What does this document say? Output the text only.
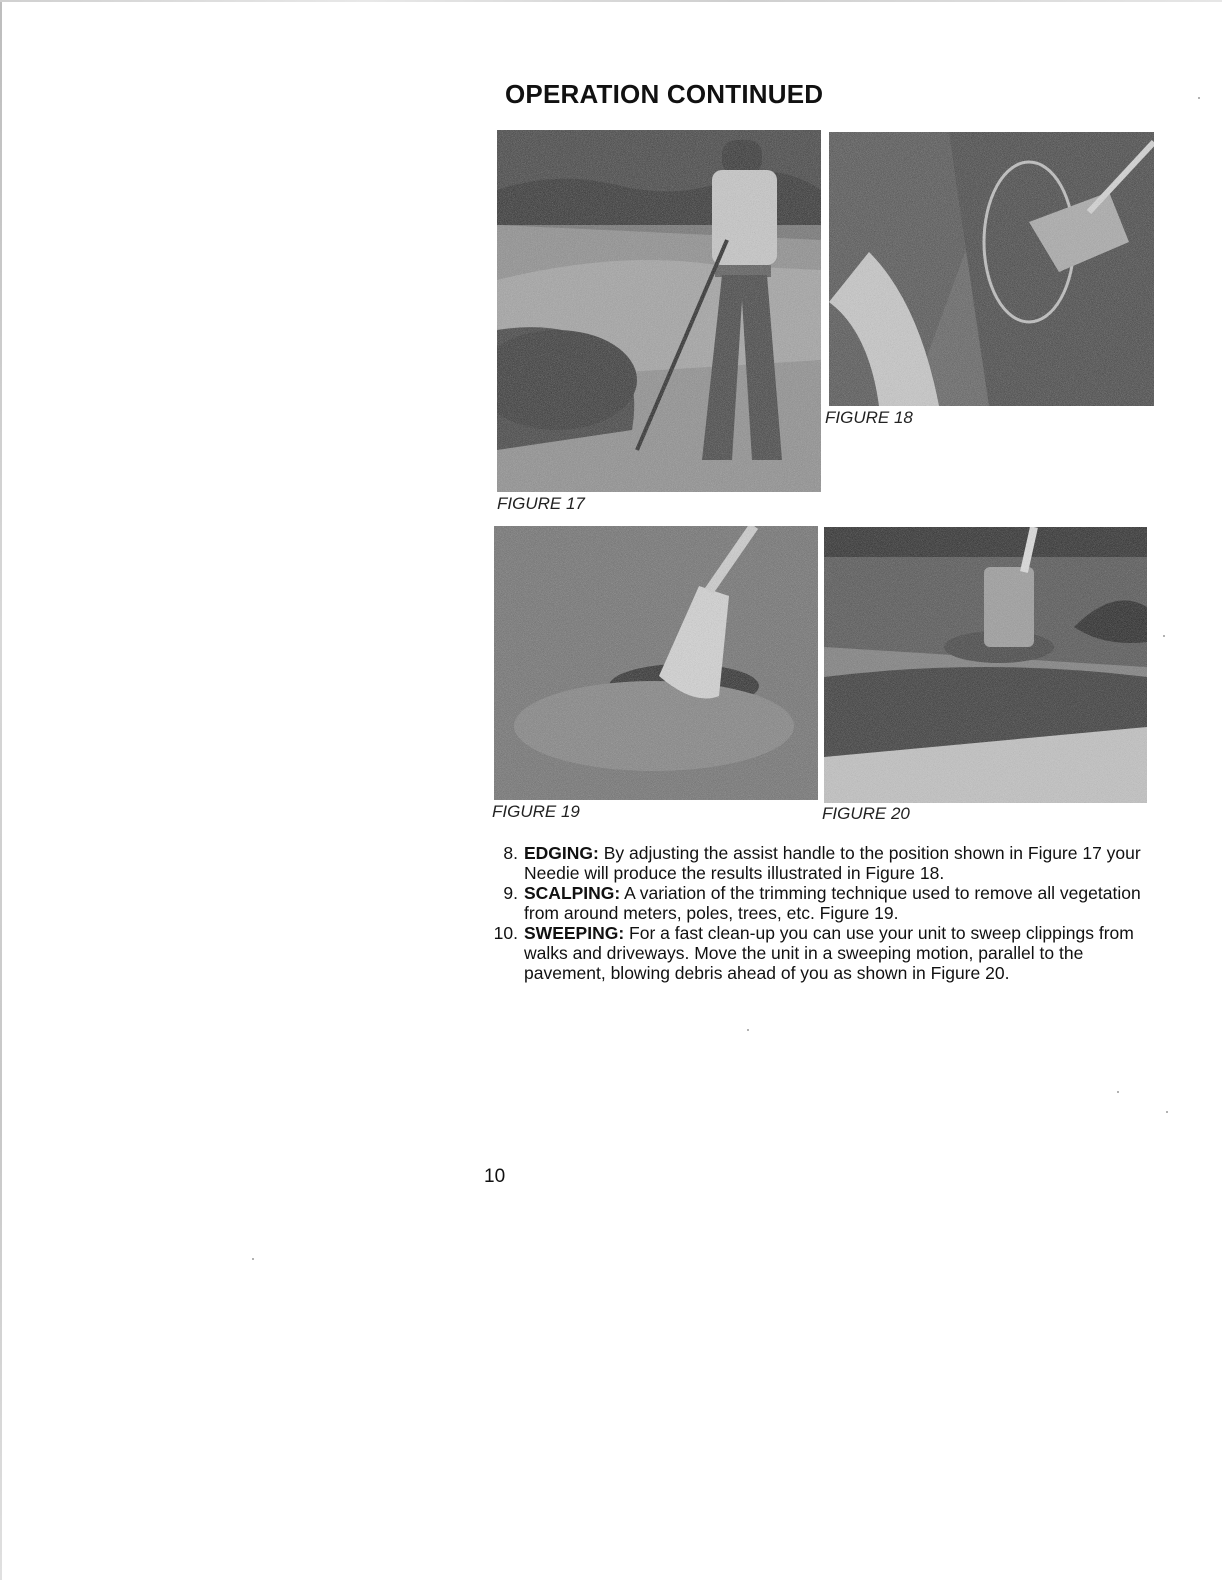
OPERATION CONTINUED
FIGURE 17
FIGURE 18
FIGURE 19	FIGURE 20
8. EDGING: By adjusting the assist handle to the position shown in Figure 17 your Needie will produce the results illustrated in Figure 18.
9. SCALPING: A variation of the trimming technique used to remove all vegetation from around meters, poles, trees, etc. Figure 19.
10. SWEEPING: For a fast clean-up you can use your unit to sweep clippings from walks and driveways. Move the unit in a sweeping motion, parallel to the pavement, blowing debris ahead of you as shown in Figure 20.
10
